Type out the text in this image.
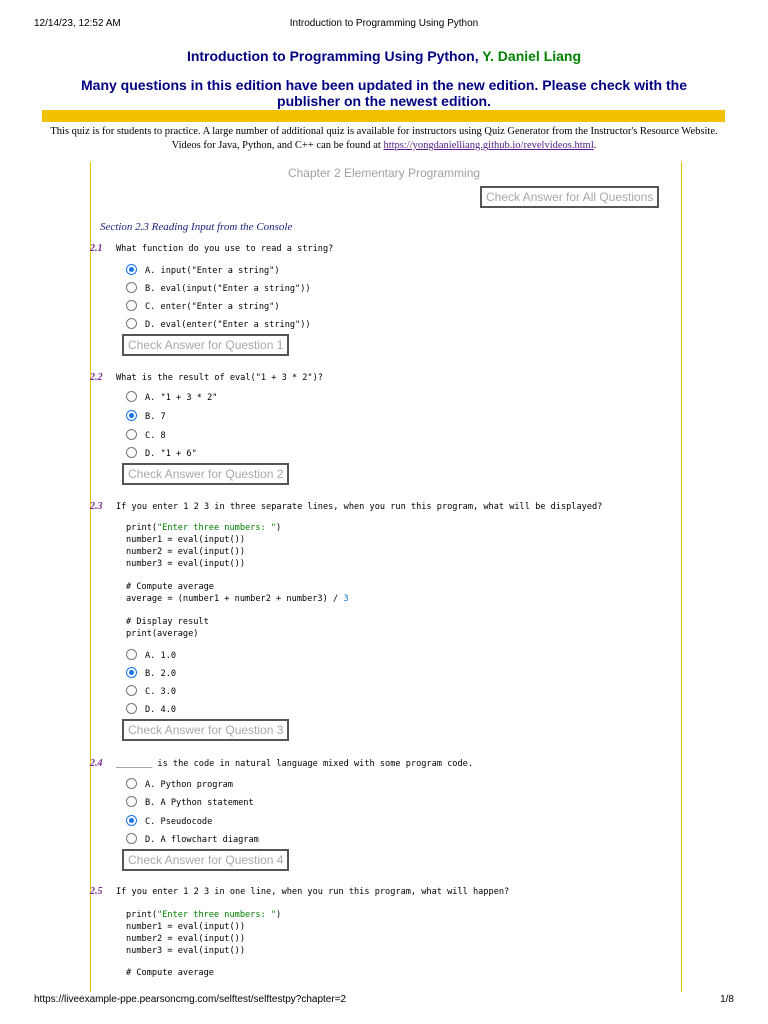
12/14/23, 12:52 AM	Introduction to Programming Using Python
Introduction to Programming Using Python, Y. Daniel Liang
Many questions in this edition have been updated in the new edition. Please check with the publisher on the newest edition.
This quiz is for students to practice. A large number of additional quiz is available for instructors using Quiz Generator from the Instructor's Resource Website. Videos for Java, Python, and C++ can be found at https://yongdanielliang.github.io/revelvideos.html.
Chapter 2 Elementary Programming
Check Answer for All Questions
Section 2.3 Reading Input from the Console
2.1 What function do you use to read a string?
A. input("Enter a string")
B. eval(input("Enter a string"))
C. enter("Enter a string")
D. eval(enter("Enter a string"))
Check Answer for Question 1
2.2 What is the result of eval("1 + 3 * 2")?
A. "1 + 3 * 2"
B. 7
C. 8
D. "1 + 6"
Check Answer for Question 2
2.3 If you enter 1 2 3 in three separate lines, when you run this program, what will be displayed?
print("Enter three numbers: ")
number1 = eval(input())
number2 = eval(input())
number3 = eval(input())
# Compute average
average = (number1 + number2 + number3) / 3
# Display result
print(average)
A. 1.0
B. 2.0
C. 3.0
D. 4.0
Check Answer for Question 3
2.4 _______ is the code in natural language mixed with some program code.
A. Python program
B. A Python statement
C. Pseudocode
D. A flowchart diagram
Check Answer for Question 4
2.5 If you enter 1 2 3 in one line, when you run this program, what will happen?
print("Enter three numbers: ")
number1 = eval(input())
number2 = eval(input())
number3 = eval(input())
# Compute average
https://liveexample-ppe.pearsoncmg.com/selftest/selftestpy?chapter=2	1/8
